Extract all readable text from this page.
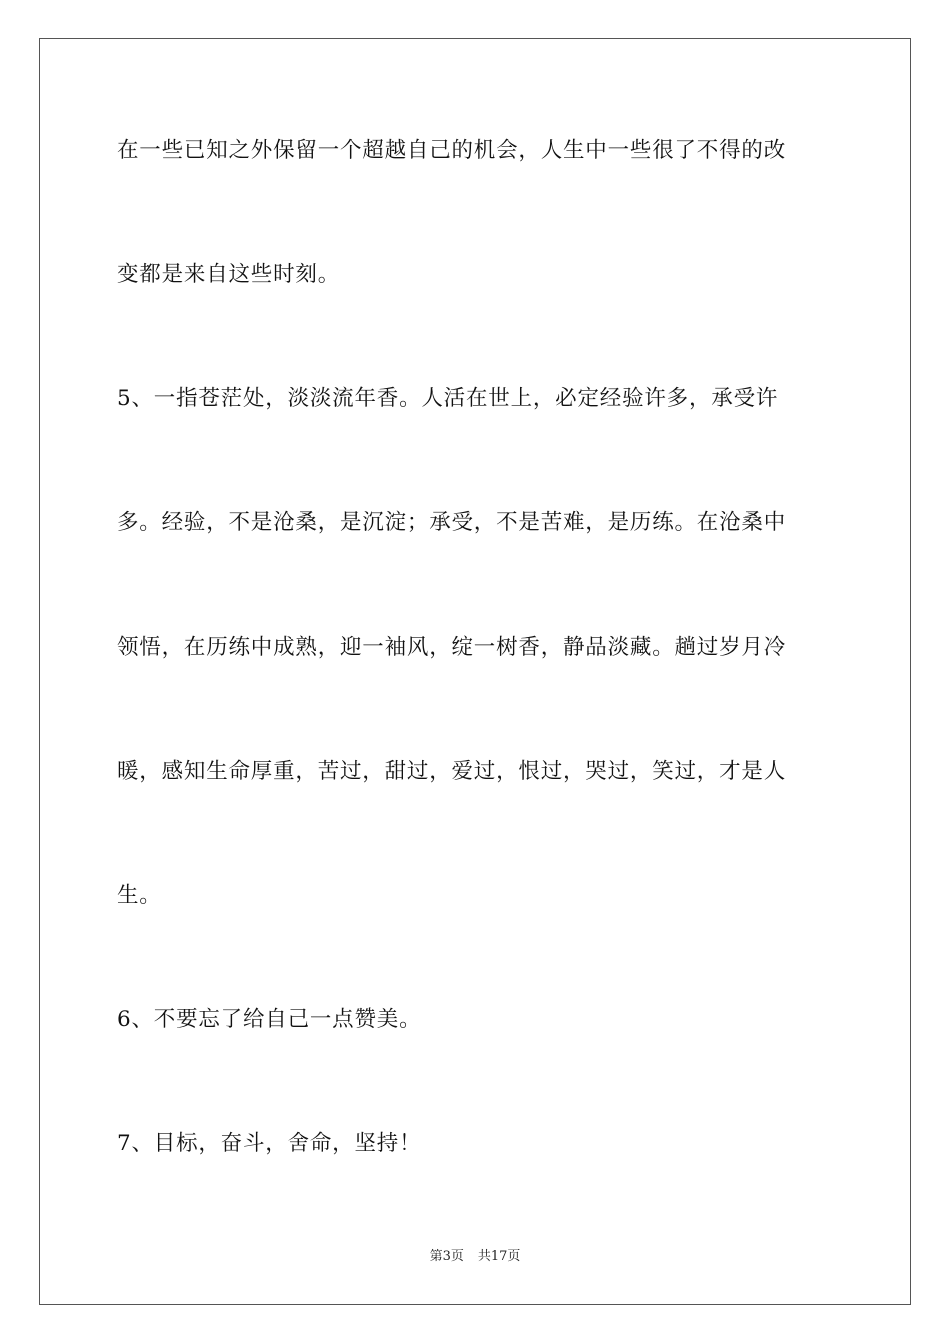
在一些已知之外保留一个超越自己的机会，人生中一些很了不得的改
变都是来自这些时刻。
5、一指苍茫处，淡淡流年香。人活在世上，必定经验许多，承受许
多。经验，不是沧桑，是沉淀；承受，不是苦难，是历练。在沧桑中
领悟，在历练中成熟，迎一袖风，绽一树香，静品淡藏。趟过岁月冷
暖，感知生命厚重，苦过，甜过，爱过，恨过，哭过，笑过，才是人
生。
6、不要忘了给自己一点赞美。
7、目标，奋斗，舍命，坚持！
第3页 共17页
